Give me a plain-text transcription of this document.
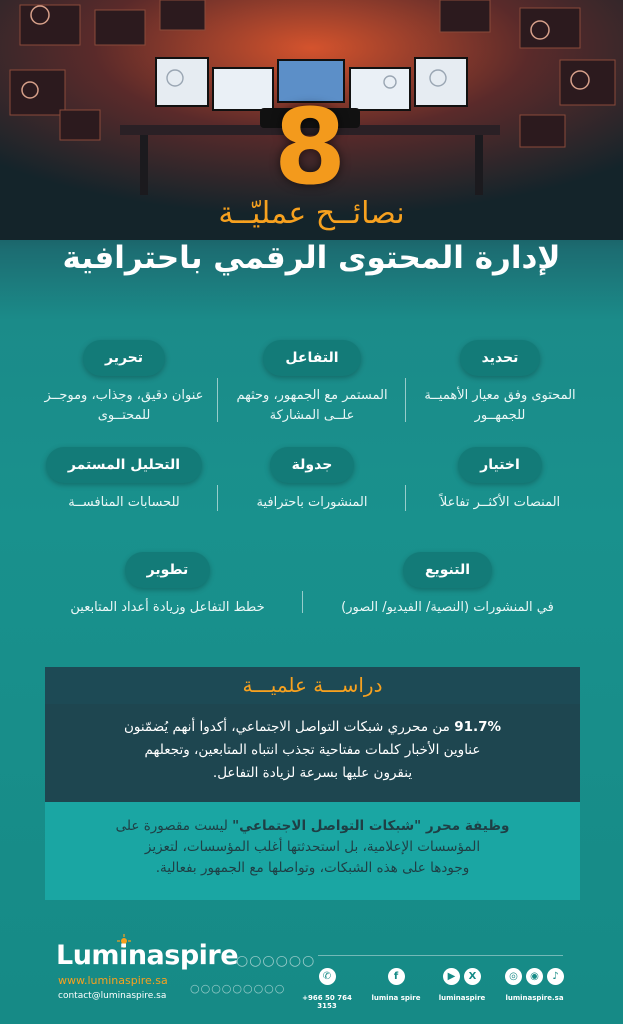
8
نصائــح عمليّــة
لإدارة المحتوى الرقمي باحترافية
تحديد
المحتوى وفق معيار الأهميــة للجمهــور
التفاعل
المستمر مع الجمهور، وحثهم علــى المشاركة
تحرير
عنوان دقيق، وجذاب، وموجــز للمحتــوى
اختيار
المنصات الأكثــر تفاعلاً
جدولة
المنشورات باحترافية
التحليل المستمر
للحسابات المنافســة
التنويع
في المنشورات (النصية/ الفيديو/ الصور)
تطوير
خطط التفاعل وزيادة أعداد المتابعين
دراســـة علميـــة
91.7% من محرري شبكات التواصل الاجتماعي، أكدوا أنهم يُضمّنون
عناوين الأخبار كلمات مفتاحية تجذب انتباه المتابعين، وتجعلهم
ينقرون عليها بسرعة لزيادة التفاعل.
وظيفة محرر "شبكات التواصل الاجتماعي" ليست مقصورة على
المؤسسات الإعلامية، بل استحدثتها أغلب المؤسسات، لتعزيز
وجودها على هذه الشبكات، وتواصلها مع الجمهور بفعالية.
Luminaspire
www.luminaspire.sa
contact@luminaspire.sa
○○○○○○
○○○○○○○○○
✆
+966 50 764 3153
f
lumina spire
▶ X
luminaspire
◎ ◉ ♪
luminaspire.sa
